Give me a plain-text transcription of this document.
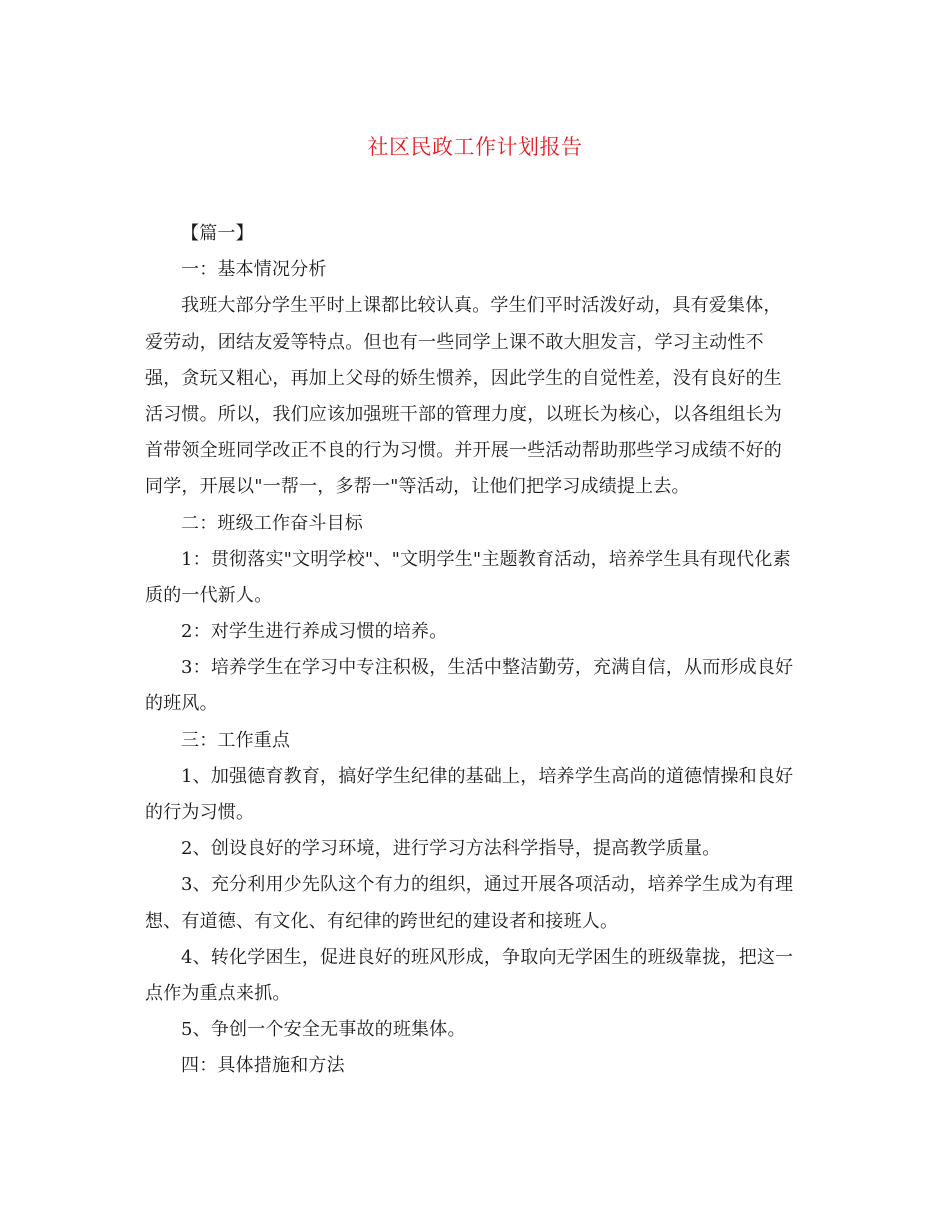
社区民政工作计划报告
【篇一】
一：基本情况分析
我班大部分学生平时上课都比较认真。学生们平时活泼好动，具有爱集体，
爱劳动，团结友爱等特点。但也有一些同学上课不敢大胆发言，学习主动性不
强，贪玩又粗心，再加上父母的娇生惯养，因此学生的自觉性差，没有良好的生
活习惯。所以，我们应该加强班干部的管理力度，以班长为核心，以各组组长为
首带领全班同学改正不良的行为习惯。并开展一些活动帮助那些学习成绩不好的
同学，开展以"一帮一，多帮一"等活动，让他们把学习成绩提上去。
二：班级工作奋斗目标
1：贯彻落实"文明学校"、"文明学生"主题教育活动，培养学生具有现代化素
质的一代新人。
2：对学生进行养成习惯的培养。
3：培养学生在学习中专注积极，生活中整洁勤劳，充满自信，从而形成良好
的班风。
三：工作重点
1、加强德育教育，搞好学生纪律的基础上，培养学生高尚的道德情操和良好
的行为习惯。
2、创设良好的学习环境，进行学习方法科学指导，提高教学质量。
3、充分利用少先队这个有力的组织，通过开展各项活动，培养学生成为有理
想、有道德、有文化、有纪律的跨世纪的建设者和接班人。
4、转化学困生，促进良好的班风形成，争取向无学困生的班级靠拢，把这一
点作为重点来抓。
5、争创一个安全无事故的班集体。
四：具体措施和方法
